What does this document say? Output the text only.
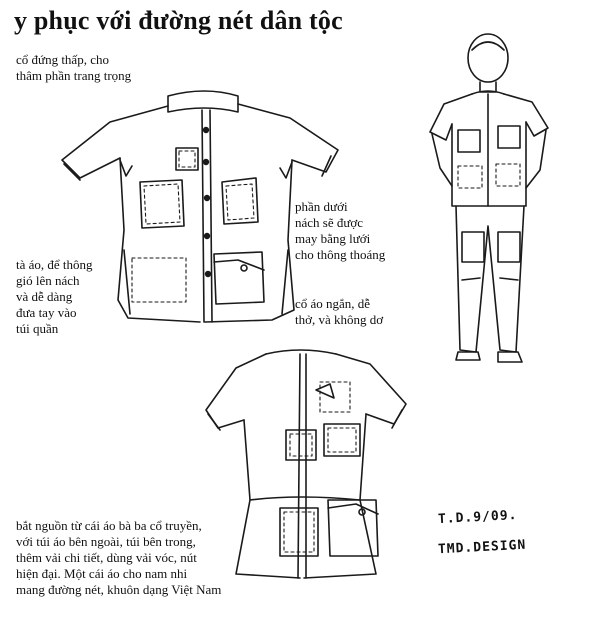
y phục với đường nét dân tộc
cổ đứng thấp, cho
thâm phần trang trọng
phần dưới
nách sẽ được
may bằng lưới
cho thông thoáng
tà áo, để thông
gió lên nách
và dễ dàng
đưa tay vào
túi quần
cổ áo ngắn, dễ
thở, và không dơ
bắt nguồn từ cái áo bà ba cổ truyền,
với túi áo bên ngoài, túi bên trong,
thêm vải chi tiết, dùng vải vóc, nút
hiện đại. Một cái áo cho nam nhi
mang đường nét, khuôn dạng Việt Nam
T.D.9/09.
TMD.DESIGN
